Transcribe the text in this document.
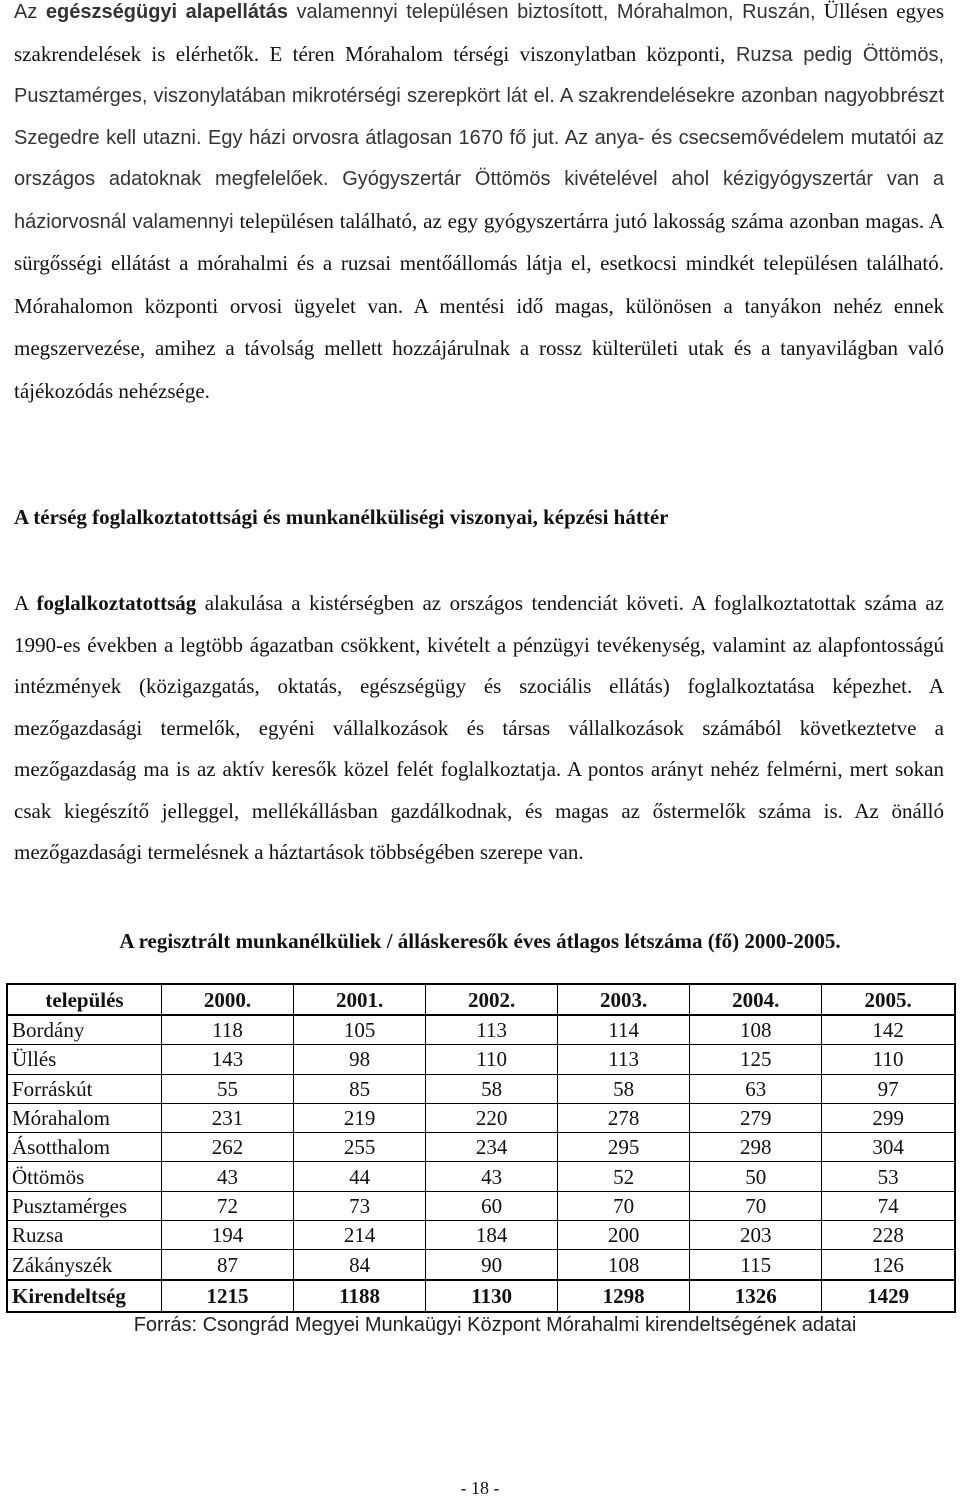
Az egészségügyi alapellátás valamennyi településen biztosított, Mórahalmon, Ruszán, Üllésen egyes szakrendelések is elérhetők. E téren Mórahalom térségi viszonylatban központi, Ruzsa pedig Öttömös, Pusztamérges, viszonylatában mikrotérségi szerepkört lát el. A szakrendelésekre azonban nagyobbrészt Szegedre kell utazni. Egy házi orvosra átlagosan 1670 fő jut. Az anya- és csecsemővédelem mutatói az országos adatoknak megfelelőek. Gyógyszertár Öttömös kivételével ahol kézigyógyszertár van a háziorvosnál valamennyi településen található, az egy gyógyszertárra jutó lakosság száma azonban magas. A sürgősségi ellátást a mórahalmi és a ruzsai mentőállomás látja el, esetkocsi mindkét településen található. Mórahalomon központi orvosi ügyelet van. A mentési idő magas, különösen a tanyákon nehéz ennek megszervezése, amihez a távolság mellett hozzájárulnak a rossz külterületi utak és a tanyavilágban való tájékozódás nehézsége.
A térség foglalkoztatottsági és munkanélküliségi viszonyai, képzési háttér
A foglalkoztatottság alakulása a kistérségben az országos tendenciát követi. A foglalkoztatottak száma az 1990-es években a legtöbb ágazatban csökkent, kivételt a pénzügyi tevékenység, valamint az alapfontosságú intézmények (közigazgatás, oktatás, egészségügy és szociális ellátás) foglalkoztatása képezhet. A mezőgazdasági termelők, egyéni vállalkozások és társas vállalkozások számából következtetve a mezőgazdaság ma is az aktív keresők közel felét foglalkoztatja. A pontos arányt nehéz felmérni, mert sokan csak kiegészítő jelleggel, mellékállásban gazdálkodnak, és magas az őstermelők száma is. Az önálló mezőgazdasági termelésnek a háztartások többségében szerepe van.
A regisztrált munkanélküliek / álláskeresők éves átlagos létszáma (fő) 2000-2005.
település	2000.	2001.	2002.	2003.	2004.	2005.
Bordány	118	105	113	114	108	142
Üllés	143	98	110	113	125	110
Forráskút	55	85	58	58	63	97
Mórahalom	231	219	220	278	279	299
Ásotthalom	262	255	234	295	298	304
Öttömös	43	44	43	52	50	53
Pusztamérges	72	73	60	70	70	74
Ruzsa	194	214	184	200	203	228
Zákányszék	87	84	90	108	115	126
Kirendeltség	1215	1188	1130	1298	1326	1429
Forrás: Csongrád Megyei Munkaügyi Központ Mórahalmi kirendeltségének adatai
- 18 -
